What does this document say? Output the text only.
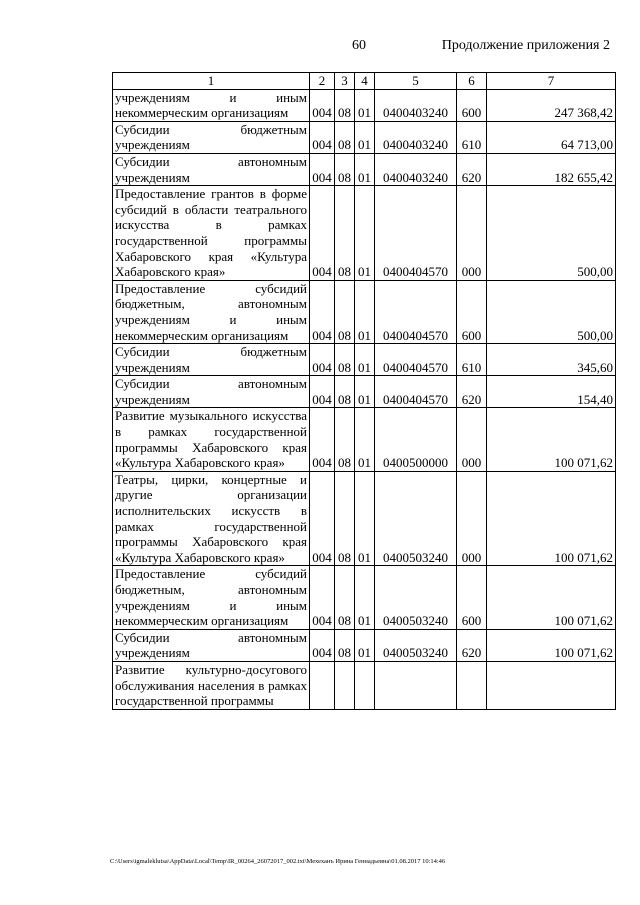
60	Продолжение приложения 2
1	2	3	4	5	6	7
учреждениям и иным некоммерческим организациям	004	08	01	0400403240	600	247 368,42
Субсидии бюджетным учреждениям	004	08	01	0400403240	610	64 713,00
Субсидии автономным учреждениям	004	08	01	0400403240	620	182 655,42
Предоставление грантов в форме субсидий в области театрального искусства в рамках государственной программы Хабаровского края «Культура Хабаровского края»	004	08	01	0400404570	000	500,00
Предоставление субсидий бюджетным, автономным учреждениям и иным некоммерческим организациям	004	08	01	0400404570	600	500,00
Субсидии бюджетным учреждениям	004	08	01	0400404570	610	345,60
Субсидии автономным учреждениям	004	08	01	0400404570	620	154,40
Развитие музыкального искусства в рамках государственной программы Хабаровского края «Культура Хабаровского края»	004	08	01	0400500000	000	100 071,62
Театры, цирки, концертные и другие организации исполнительских искусств в рамках государственной программы Хабаровского края «Культура Хабаровского края»	004	08	01	0400503240	000	100 071,62
Предоставление субсидий бюджетным, автономным учреждениям и иным некоммерческим организациям	004	08	01	0400503240	600	100 071,62
Субсидии автономным учреждениям	004	08	01	0400503240	620	100 071,62
Развитие культурно-досугового обслуживания населения в рамках государственной программы						
C:\Users\igmaleklutsa\AppData\Local\Temp\IR_00264_26072017_002.txt\Мехеханъ Ирина Геннадьевна\01.08.2017 10:14:46
